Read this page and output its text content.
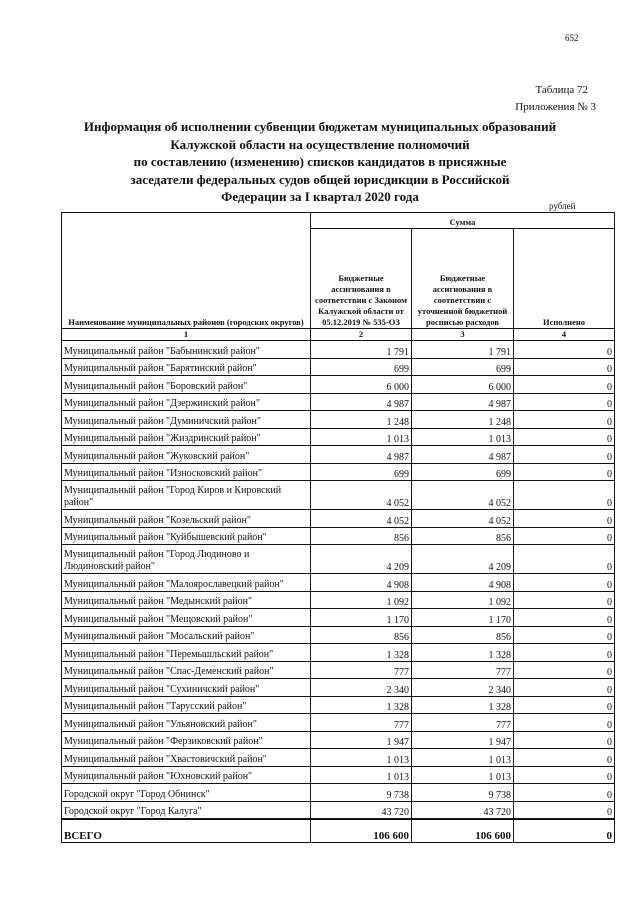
652
Таблица 72
Приложения № 3
Информация об исполнении субвенции бюджетам муниципальных образований
Калужской области на осуществление полномочий
по составлению (изменению) списков кандидатов в присяжные
заседатели федеральных судов общей юрисдикции в Российской
Федерации за I квартал 2020 года
рублей
Наименование муниципальных районов (городских округов)	Сумма		
	Бюджетные ассигнования в соответствии с Законом Калужской области от 05.12.2019 № 535-ОЗ	Бюджетные ассигнования в соответствии с уточненной бюджетной росписью расходов	Исполнено
1	2	3	4
Муниципальный район "Бабынинский район"	1 791	1 791	0
Муниципальный район "Барятинский район"	699	699	0
Муниципальный район "Боровский район"	6 000	6 000	0
Муниципальный район "Дзержинский район"	4 987	4 987	0
Муниципальный район "Думиничский район"	1 248	1 248	0
Муниципальный район "Жиздринский район"	1 013	1 013	0
Муниципальный район "Жуковский район"	4 987	4 987	0
Муниципальный район "Износковский район"	699	699	0
Муниципальный район "Город Киров и Кировский район"	4 052	4 052	0
Муниципальный район "Козельский район"	4 052	4 052	0
Муниципальный район "Куйбышевский район"	856	856	0
Муниципальный район "Город Людиново и Людиновский район"	4 209	4 209	0
Муниципальный район "Малоярославецкий район"	4 908	4 908	0
Муниципальный район "Медынский район"	1 092	1 092	0
Муниципальный район "Мещовский район"	1 170	1 170	0
Муниципальный район "Мосальский район"	856	856	0
Муниципальный район "Перемышльский район"	1 328	1 328	0
Муниципальный район "Спас-Деменский район"	777	777	0
Муниципальный район "Сухиничский район"	2 340	2 340	0
Муниципальный район "Тарусский район"	1 328	1 328	0
Муниципальный район "Ульяновский район"	777	777	0
Муниципальный район "Ферзиковский район"	1 947	1 947	0
Муниципальный район "Хвастовичский район"	1 013	1 013	0
Муниципальный район "Юхновский район"	1 013	1 013	0
Городской округ "Город Обнинск"	9 738	9 738	0
Городской округ "Город Калуга"	43 720	43 720	0
ВСЕГО	106 600	106 600	0
